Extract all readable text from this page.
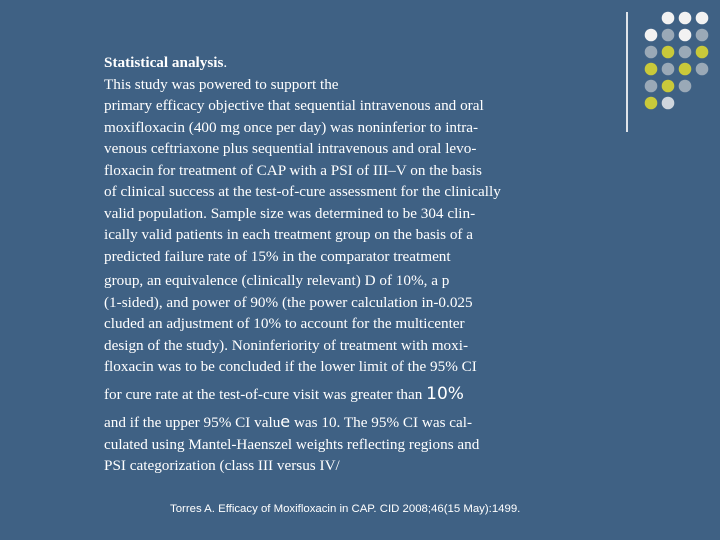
Statistical analysis.
This study was powered to support the
primary efficacy objective that sequential intravenous and oral
moxifloxacin (400 mg once per day) was noninferior to intra-
venous ceftriaxone plus sequential intravenous and oral levo-
floxacin for treatment of CAP with a PSI of III–V on the basis
of clinical success at the test-of-cure assessment for the clinically
valid population. Sample size was determined to be 304 clin-
ically valid patients in each treatment group on the basis of a
predicted failure rate of 15% in the comparator treatment
group, an equivalence (clinically relevant) D of 10%, a p
(1-sided), and power of 90% (the power calculation in-0.025
cluded an adjustment of 10% to account for the multicenter
design of the study). Noninferiority of treatment with moxi-
floxacin was to be concluded if the lower limit of the 95% CI
for cure rate at the test-of-cure visit was greater than 10%
and if the upper 95% CI value was 10. The 95% CI was cal-
culated using Mantel-Haenszel weights reflecting regions and
PSI categorization (class III versus IV/
Torres A. Efficacy of Moxifloxacin in CAP. CID 2008;46(15 May):1499.
